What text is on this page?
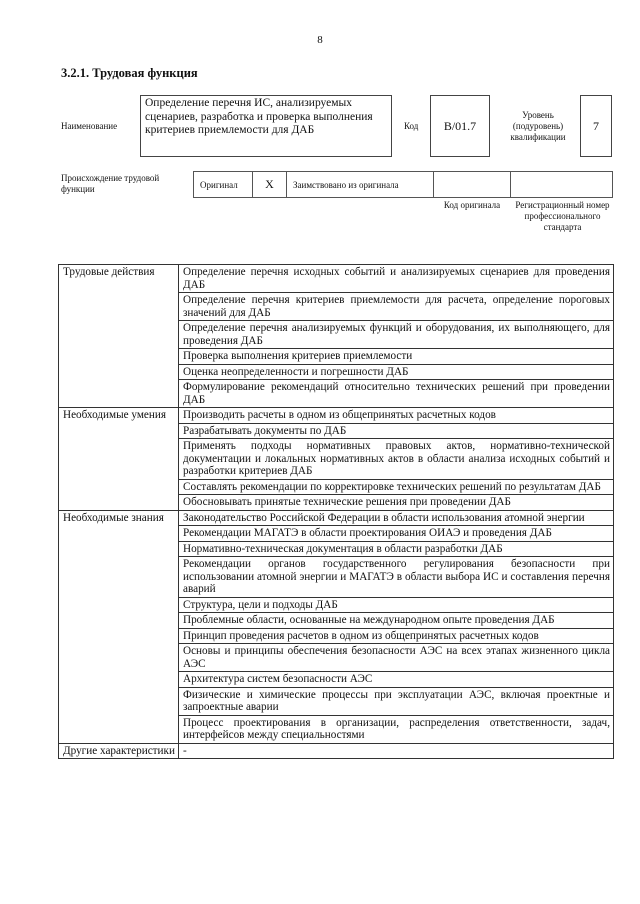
8
3.2.1. Трудовая функция
Наименование
Определение перечня ИС, анализируемых сценариев, разработка и проверка выполнения критериев приемлемости для ДАБ	Код	B/01.7
Уровень (подуровень) квалификации
7
Происхождение трудовой функции	Оригинал	X	Заимствовано из оригинала
Код оригинала	Регистрационный номер профессионального стандарта
Трудовые действия	Определение перечня исходных событий и анализируемых сценариев для проведения ДАБ
	Определение перечня критериев приемлемости для расчета, определение пороговых значений для ДАБ
	Определение перечня анализируемых функций и оборудования, их выполняющего, для проведения ДАБ
	Проверка выполнения критериев приемлемости
	Оценка неопределенности и погрешности ДАБ
	Формулирование рекомендаций относительно технических решений при проведении ДАБ
Необходимые умения	Производить расчеты в одном из общепринятых расчетных кодов
	Разрабатывать документы по ДАБ
	Применять подходы нормативных правовых актов, нормативно-технической документации и локальных нормативных актов в области анализа исходных событий и разработки критериев ДАБ
	Составлять рекомендации по корректировке технических решений по результатам ДАБ
	Обосновывать принятые технические решения при проведении ДАБ
Необходимые знания	Законодательство Российской Федерации в области использования атомной энергии
	Рекомендации МАГАТЭ в области проектирования ОИАЭ и проведения ДАБ
	Нормативно-техническая документация в области разработки ДАБ
	Рекомендации органов государственного регулирования безопасности при использовании атомной энергии и МАГАТЭ в области выбора ИС и составления перечня аварий
	Структура, цели и подходы ДАБ
	Проблемные области, основанные на международном опыте проведения ДАБ
	Принцип проведения расчетов в одном из общепринятых расчетных кодов
	Основы и принципы обеспечения безопасности АЭС на всех этапах жизненного цикла АЭС
	Архитектура систем безопасности АЭС
	Физические и химические процессы при эксплуатации АЭС, включая проектные и запроектные аварии
	Процесс проектирования в организации, распределения ответственности, задач, интерфейсов между специальностями
Другие характеристики	-
